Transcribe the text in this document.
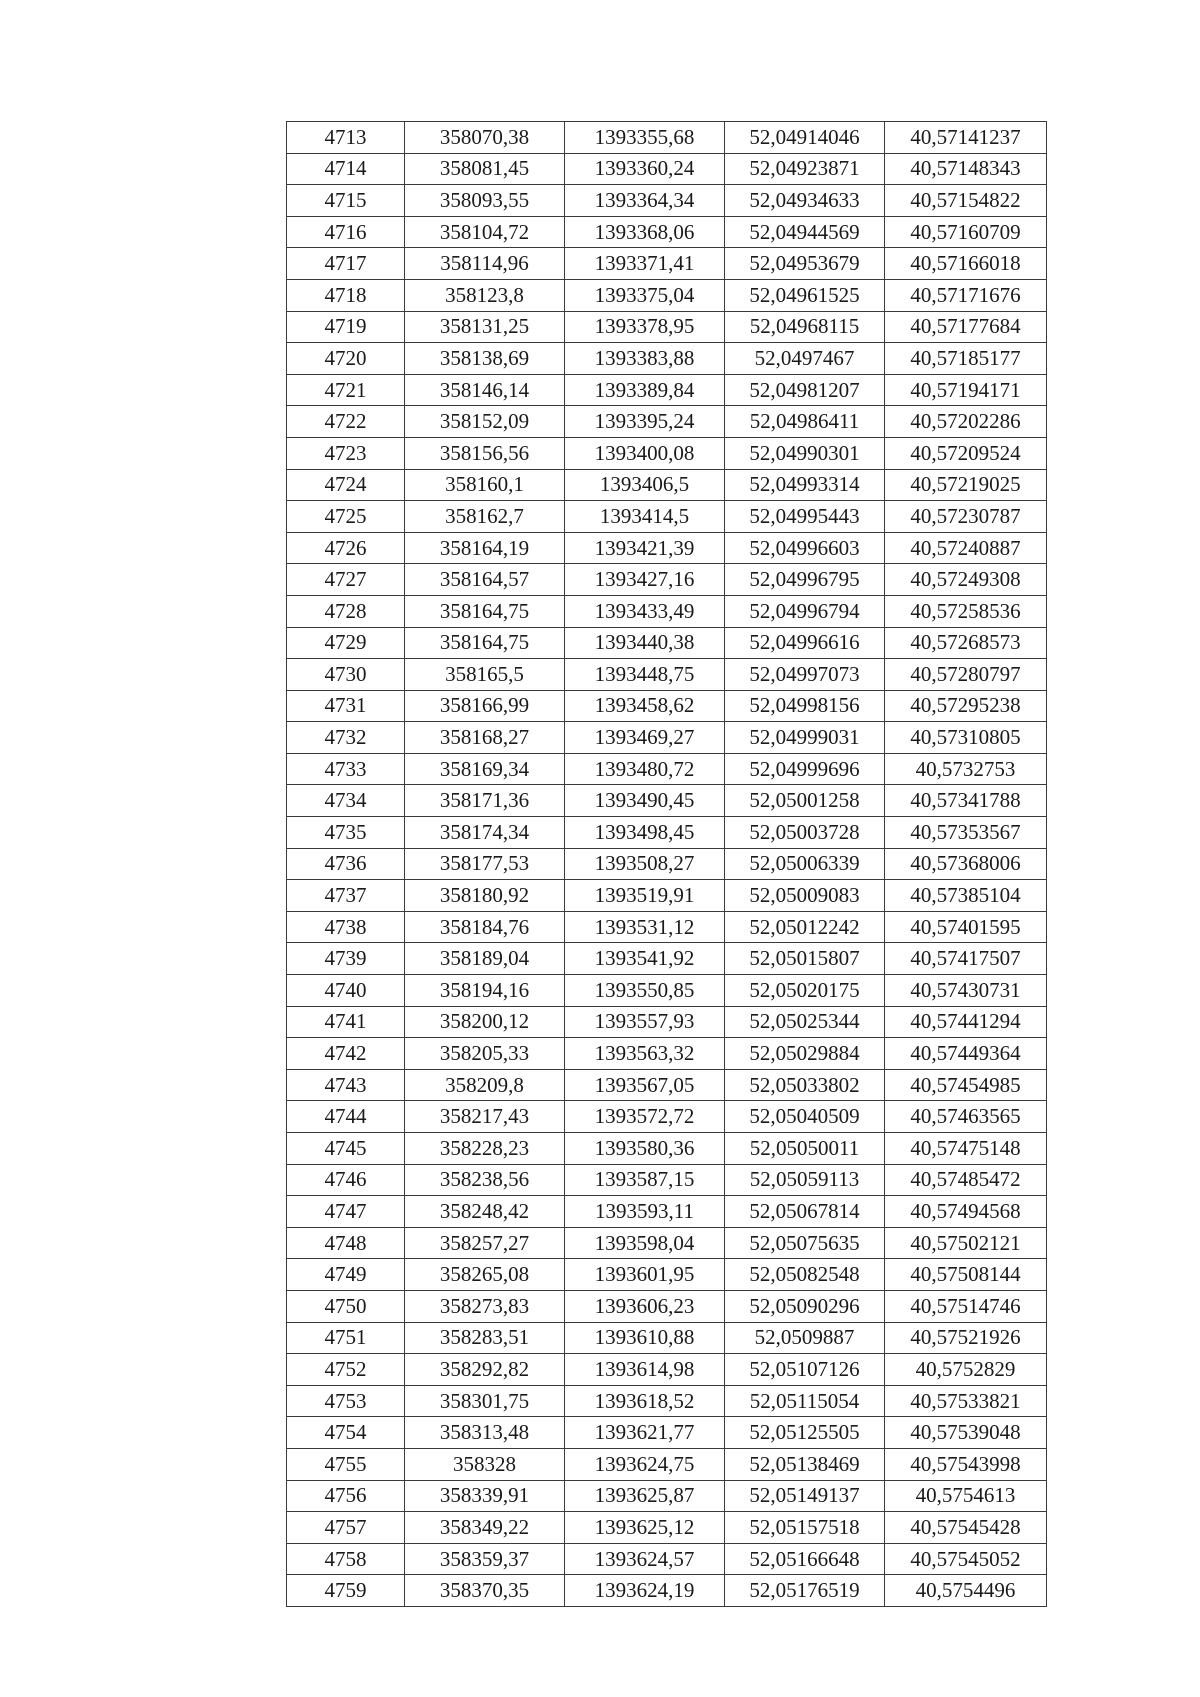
4713	358070,38	1393355,68	52,04914046	40,57141237
4714	358081,45	1393360,24	52,04923871	40,57148343
4715	358093,55	1393364,34	52,04934633	40,57154822
4716	358104,72	1393368,06	52,04944569	40,57160709
4717	358114,96	1393371,41	52,04953679	40,57166018
4718	358123,8	1393375,04	52,04961525	40,57171676
4719	358131,25	1393378,95	52,04968115	40,57177684
4720	358138,69	1393383,88	52,0497467	40,57185177
4721	358146,14	1393389,84	52,04981207	40,57194171
4722	358152,09	1393395,24	52,04986411	40,57202286
4723	358156,56	1393400,08	52,04990301	40,57209524
4724	358160,1	1393406,5	52,04993314	40,57219025
4725	358162,7	1393414,5	52,04995443	40,57230787
4726	358164,19	1393421,39	52,04996603	40,57240887
4727	358164,57	1393427,16	52,04996795	40,57249308
4728	358164,75	1393433,49	52,04996794	40,57258536
4729	358164,75	1393440,38	52,04996616	40,57268573
4730	358165,5	1393448,75	52,04997073	40,57280797
4731	358166,99	1393458,62	52,04998156	40,57295238
4732	358168,27	1393469,27	52,04999031	40,57310805
4733	358169,34	1393480,72	52,04999696	40,5732753
4734	358171,36	1393490,45	52,05001258	40,57341788
4735	358174,34	1393498,45	52,05003728	40,57353567
4736	358177,53	1393508,27	52,05006339	40,57368006
4737	358180,92	1393519,91	52,05009083	40,57385104
4738	358184,76	1393531,12	52,05012242	40,57401595
4739	358189,04	1393541,92	52,05015807	40,57417507
4740	358194,16	1393550,85	52,05020175	40,57430731
4741	358200,12	1393557,93	52,05025344	40,57441294
4742	358205,33	1393563,32	52,05029884	40,57449364
4743	358209,8	1393567,05	52,05033802	40,57454985
4744	358217,43	1393572,72	52,05040509	40,57463565
4745	358228,23	1393580,36	52,05050011	40,57475148
4746	358238,56	1393587,15	52,05059113	40,57485472
4747	358248,42	1393593,11	52,05067814	40,57494568
4748	358257,27	1393598,04	52,05075635	40,57502121
4749	358265,08	1393601,95	52,05082548	40,57508144
4750	358273,83	1393606,23	52,05090296	40,57514746
4751	358283,51	1393610,88	52,0509887	40,57521926
4752	358292,82	1393614,98	52,05107126	40,5752829
4753	358301,75	1393618,52	52,05115054	40,57533821
4754	358313,48	1393621,77	52,05125505	40,57539048
4755	358328	1393624,75	52,05138469	40,57543998
4756	358339,91	1393625,87	52,05149137	40,5754613
4757	358349,22	1393625,12	52,05157518	40,57545428
4758	358359,37	1393624,57	52,05166648	40,57545052
4759	358370,35	1393624,19	52,05176519	40,5754496
